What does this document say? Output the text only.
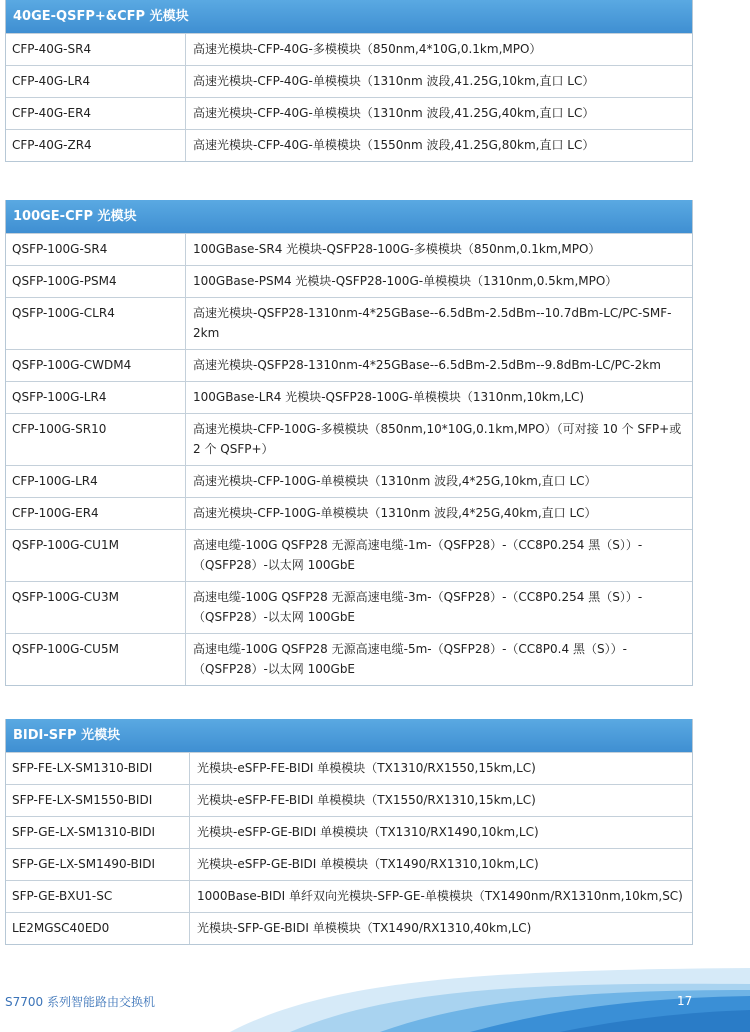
40GE-QSFP+&CFP 光模块
CFP-40G-SR4	高速光模块-CFP-40G-多模模块（850nm,4*10G,0.1km,MPO）
CFP-40G-LR4	高速光模块-CFP-40G-单模模块（1310nm 波段,41.25G,10km,直口 LC）
CFP-40G-ER4	高速光模块-CFP-40G-单模模块（1310nm 波段,41.25G,40km,直口 LC）
CFP-40G-ZR4	高速光模块-CFP-40G-单模模块（1550nm 波段,41.25G,80km,直口 LC）
100GE-CFP 光模块
QSFP-100G-SR4	100GBase-SR4 光模块-QSFP28-100G-多模模块（850nm,0.1km,MPO）
QSFP-100G-PSM4	100GBase-PSM4 光模块-QSFP28-100G-单模模块（1310nm,0.5km,MPO）
QSFP-100G-CLR4	高速光模块-QSFP28-1310nm-4*25GBase--6.5dBm-2.5dBm--10.7dBm-LC/PC-SMF-2km
QSFP-100G-CWDM4	高速光模块-QSFP28-1310nm-4*25GBase--6.5dBm-2.5dBm--9.8dBm-LC/PC-2km
QSFP-100G-LR4	100GBase-LR4 光模块-QSFP28-100G-单模模块（1310nm,10km,LC)
CFP-100G-SR10	高速光模块-CFP-100G-多模模块（850nm,10*10G,0.1km,MPO）（可对接 10 个 SFP+或 2 个 QSFP+）
CFP-100G-LR4	高速光模块-CFP-100G-单模模块（1310nm 波段,4*25G,10km,直口 LC）
CFP-100G-ER4	高速光模块-CFP-100G-单模模块（1310nm 波段,4*25G,40km,直口 LC）
QSFP-100G-CU1M	高速电缆-100G QSFP28 无源高速电缆-1m-（QSFP28）-（CC8P0.254 黑（S））-（QSFP28）-以太网 100GbE
QSFP-100G-CU3M	高速电缆-100G QSFP28 无源高速电缆-3m-（QSFP28）-（CC8P0.254 黑（S））-（QSFP28）-以太网 100GbE
QSFP-100G-CU5M	高速电缆-100G QSFP28 无源高速电缆-5m-（QSFP28）-（CC8P0.4 黑（S））-（QSFP28）-以太网 100GbE
BIDI-SFP 光模块
SFP-FE-LX-SM1310-BIDI	光模块-eSFP-FE-BIDI 单模模块（TX1310/RX1550,15km,LC)
SFP-FE-LX-SM1550-BIDI	光模块-eSFP-FE-BIDI 单模模块（TX1550/RX1310,15km,LC)
SFP-GE-LX-SM1310-BIDI	光模块-eSFP-GE-BIDI 单模模块（TX1310/RX1490,10km,LC)
SFP-GE-LX-SM1490-BIDI	光模块-eSFP-GE-BIDI 单模模块（TX1490/RX1310,10km,LC)
SFP-GE-BXU1-SC	1000Base-BIDI 单纤双向光模块-SFP-GE-单模模块（TX1490nm/RX1310nm,10km,SC)
LE2MGSC40ED0	光模块-SFP-GE-BIDI 单模模块（TX1490/RX1310,40km,LC)
S7700 系列智能路由交换机	17
